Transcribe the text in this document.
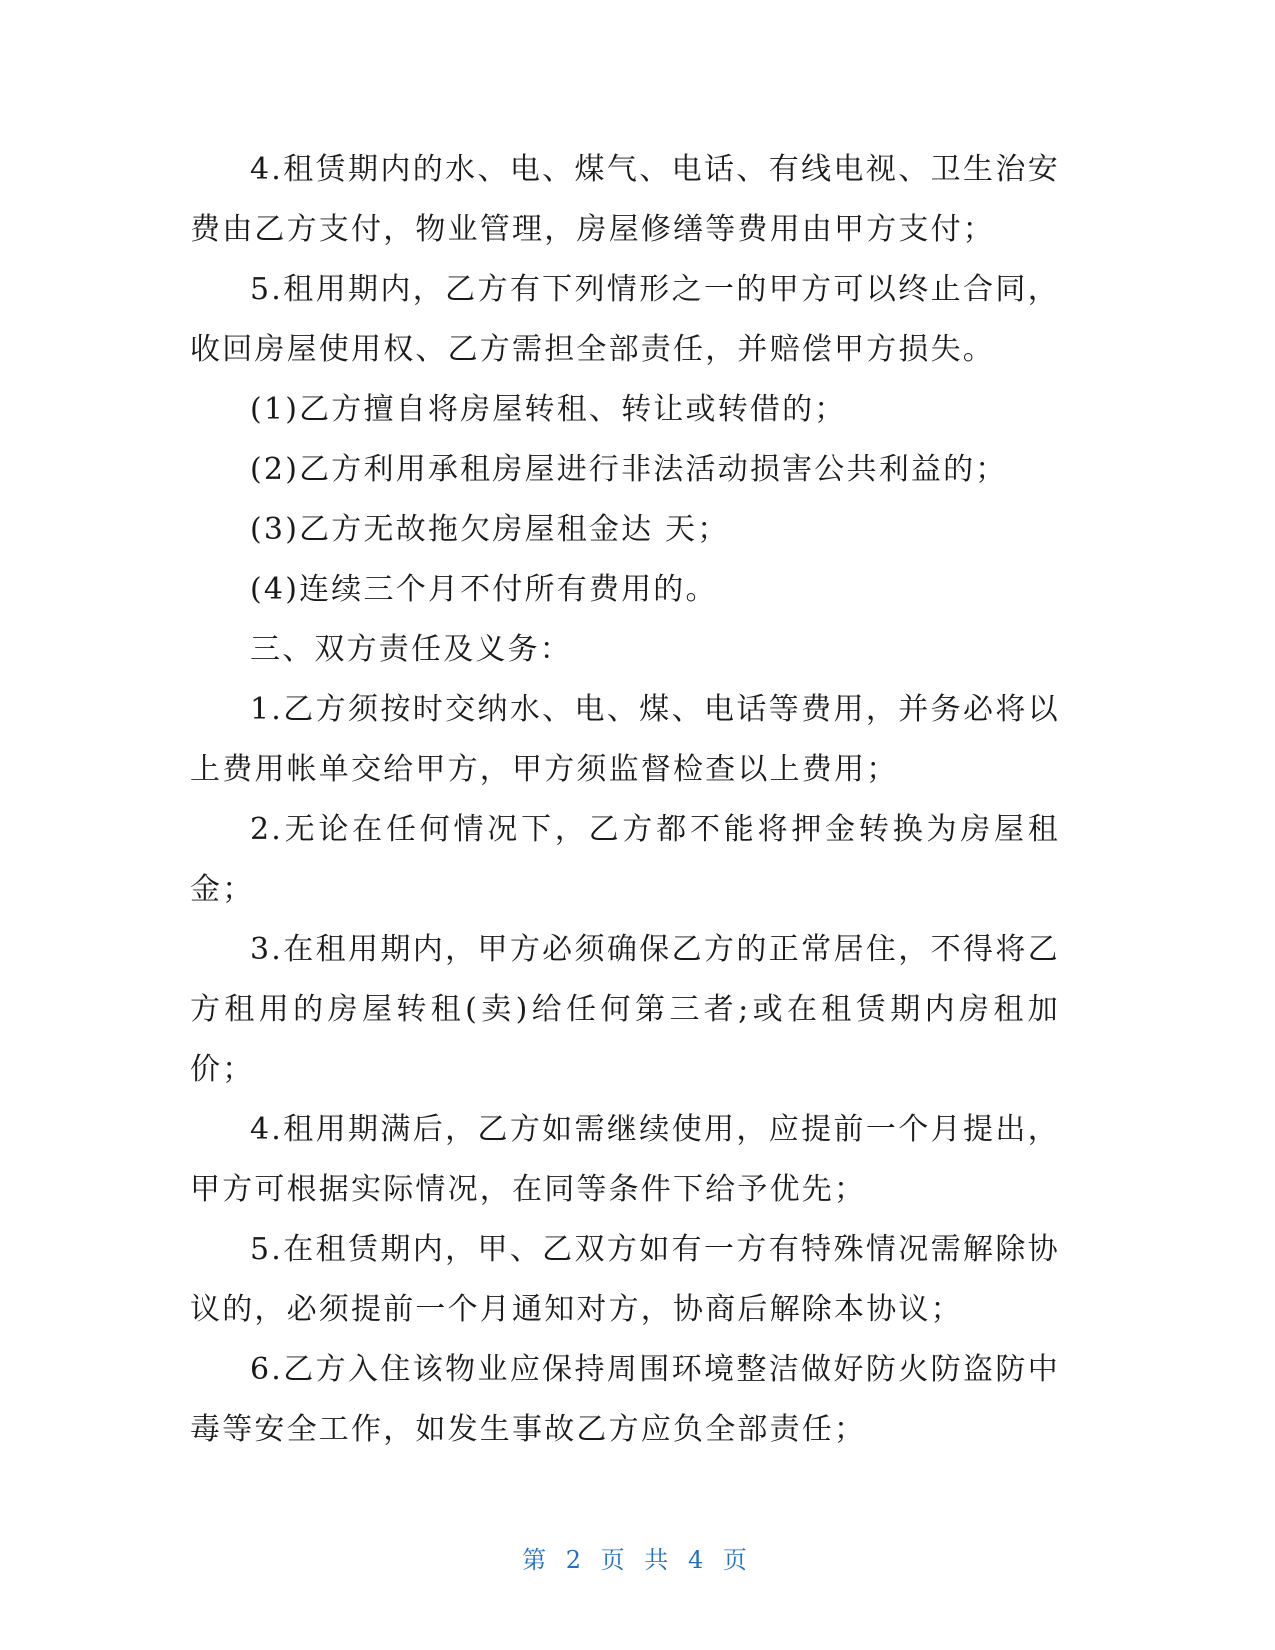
4.租赁期内的水、电、煤气、电话、有线电视、卫生治安费由乙方支付，物业管理，房屋修缮等费用由甲方支付；

5.租用期内，乙方有下列情形之一的甲方可以终止合同，收回房屋使用权、乙方需担全部责任，并赔偿甲方损失。

(1)乙方擅自将房屋转租、转让或转借的；

(2)乙方利用承租房屋进行非法活动损害公共利益的；

(3)乙方无故拖欠房屋租金达 天；

(4)连续三个月不付所有费用的。

三、双方责任及义务：

1.乙方须按时交纳水、电、煤、电话等费用，并务必将以上费用帐单交给甲方，甲方须监督检查以上费用；

2.无论在任何情况下，乙方都不能将押金转换为房屋租金；

3.在租用期内，甲方必须确保乙方的正常居住，不得将乙方租用的房屋转租(卖)给任何第三者;或在租赁期内房租加价；

4.租用期满后，乙方如需继续使用，应提前一个月提出，甲方可根据实际情况，在同等条件下给予优先；

5.在租赁期内，甲、乙双方如有一方有特殊情况需解除协议的，必须提前一个月通知对方，协商后解除本协议；

6.乙方入住该物业应保持周围环境整洁做好防火防盗防中毒等安全工作，如发生事故乙方应负全部责任；

第 2 页 共 4 页
